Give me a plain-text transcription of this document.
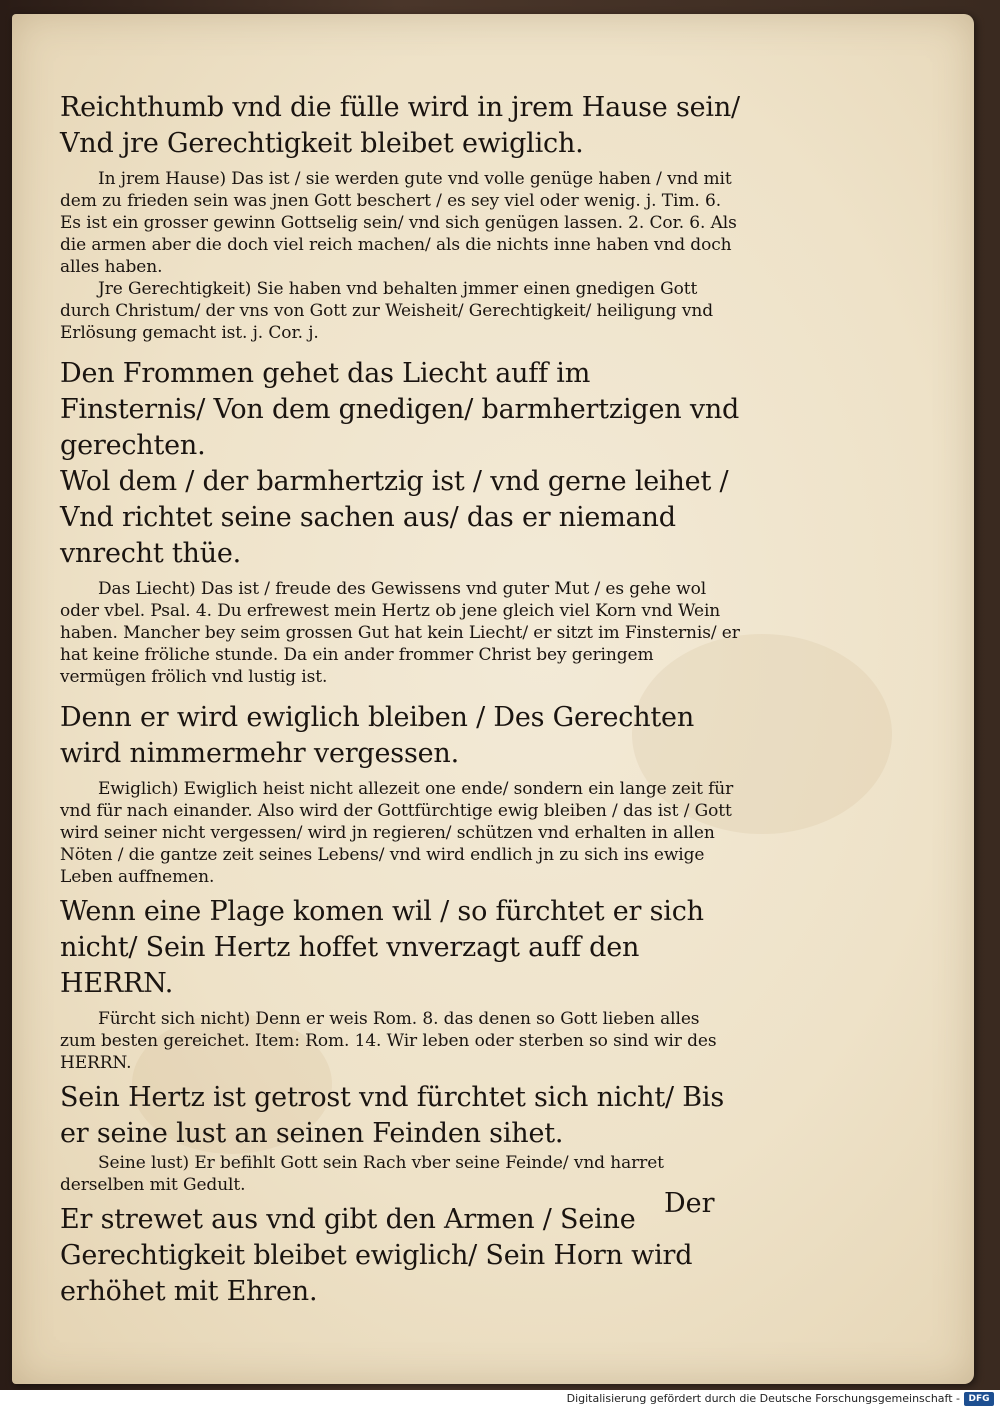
Reichthumb vnd die fülle wird in jrem Hause sein/ Vnd jre Gerechtigkeit bleibet ewiglich.

In jrem Hause) Das ist / sie werden gute vnd volle genüge haben / vnd mit dem zu frieden sein was jnen Gott beschert / es sey viel oder wenig. j. Tim. 6. Es ist ein grosser gewinn Gottselig sein/ vnd sich genügen lassen. 2. Cor. 6. Als die armen aber die doch viel reich machen/ als die nichts inne haben vnd doch alles haben.

Jre Gerechtigkeit) Sie haben vnd behalten jmmer einen gnedigen Gott durch Christum/ der vns von Gott zur Weisheit/ Gerechtigkeit/ heiligung vnd Erlösung gemacht ist. j. Cor. j.

Den Frommen gehet das Liecht auff im Finsternis/ Von dem gnedigen/ barmhertzigen vnd gerechten.

Wol dem / der barmhertzig ist / vnd gerne leihet / Vnd richtet seine sachen aus/ das er niemand vnrecht thüe.

Das Liecht) Das ist / freude des Gewissens vnd guter Mut / es gehe wol oder vbel. Psal. 4. Du erfrewest mein Hertz ob jene gleich viel Korn vnd Wein haben. Mancher bey seim grossen Gut hat kein Liecht/ er sitzt im Finsternis/ er hat keine fröliche stunde. Da ein ander frommer Christ bey geringem vermügen frölich vnd lustig ist.

Denn er wird ewiglich bleiben / Des Gerechten wird nimmermehr vergessen.

Ewiglich) Ewiglich heist nicht allezeit one ende/ sondern ein lange zeit für vnd für nach einander. Also wird der Gottfürchtige ewig bleiben / das ist / Gott wird seiner nicht vergessen/ wird jn regieren/ schützen vnd erhalten in allen Nöten / die gantze zeit seines Lebens/ vnd wird endlich jn zu sich ins ewige Leben auffnemen.

Wenn eine Plage komen wil / so fürchtet er sich nicht/ Sein Hertz hoffet vnverzagt auff den HERRN.

Fürcht sich nicht) Denn er weis Rom. 8. das denen so Gott lieben alles zum besten gereichet. Item: Rom. 14. Wir leben oder sterben so sind wir des HERRN.

Sein Hertz ist getrost vnd fürchtet sich nicht/ Bis er seine lust an seinen Feinden sihet.

Seine lust) Er befihlt Gott sein Rach vber seine Feinde/ vnd harret derselben mit Gedult.

Er strewet aus vnd gibt den Armen / Seine Gerechtigkeit bleibet ewiglich/ Sein Horn wird erhöhet mit Ehren.

Der
Digitalisierung gefördert durch die Deutsche Forschungsgemeinschaft - DFG
